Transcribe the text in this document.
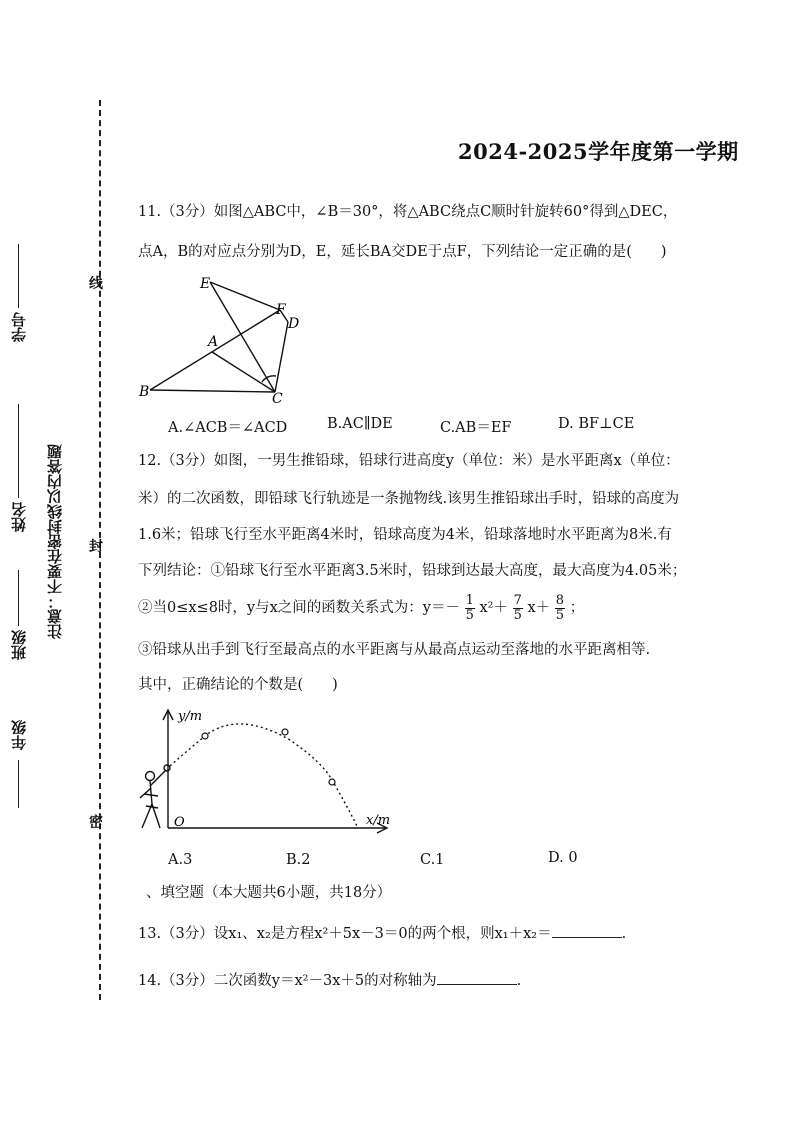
线
封
密
学号
姓名
班级
年级
注意：不要在密封线以内答题
2024-2025学年度第一学期
11.（3分）如图△ABC中，∠B＝30°，将△ABC绕点C顺时针旋转60°得到△DEC，
点A，B的对应点分别为D，E，延长BA交DE于点F，下列结论一定正确的是(　　)
E
F
D
A
B	C
A.∠ACB＝∠ACD	B.AC∥DE	C.AB＝EF	D. BF⊥CE
12.（3分）如图，一男生推铅球，铅球行进高度y（单位：米）是水平距离x（单位：
米）的二次函数，即铅球飞行轨迹是一条抛物线.该男生推铅球出手时，铅球的高度为
1.6米；铅球飞行至水平距离4米时，铅球高度为4米，铅球落地时水平距离为8米.有
下列结论：①铅球飞行至水平距离3.5米时，铅球到达最大高度，最大高度为4.05米；
②当0≤x≤8时，y与x之间的函数关系式为：$y=- \frac{1}{5} x^2+ \frac{7}{5} x+ \frac{8}{5}$ ；
③铅球从出手到飞行至最高点的水平距离与从最高点运动至落地的水平距离相等.
其中，正确结论的个数是(　　)
y/m
x/m
O
A.3	B.2	C.1	D. 0
、填空题（本大题共6小题，共18分）
13.（3分）设x₁、x₂是方程x²＋5x－3＝0的两个根，则x₁＋x₂＝	.
14.（3分）二次函数y＝x²－3x＋5的对称轴为	.
